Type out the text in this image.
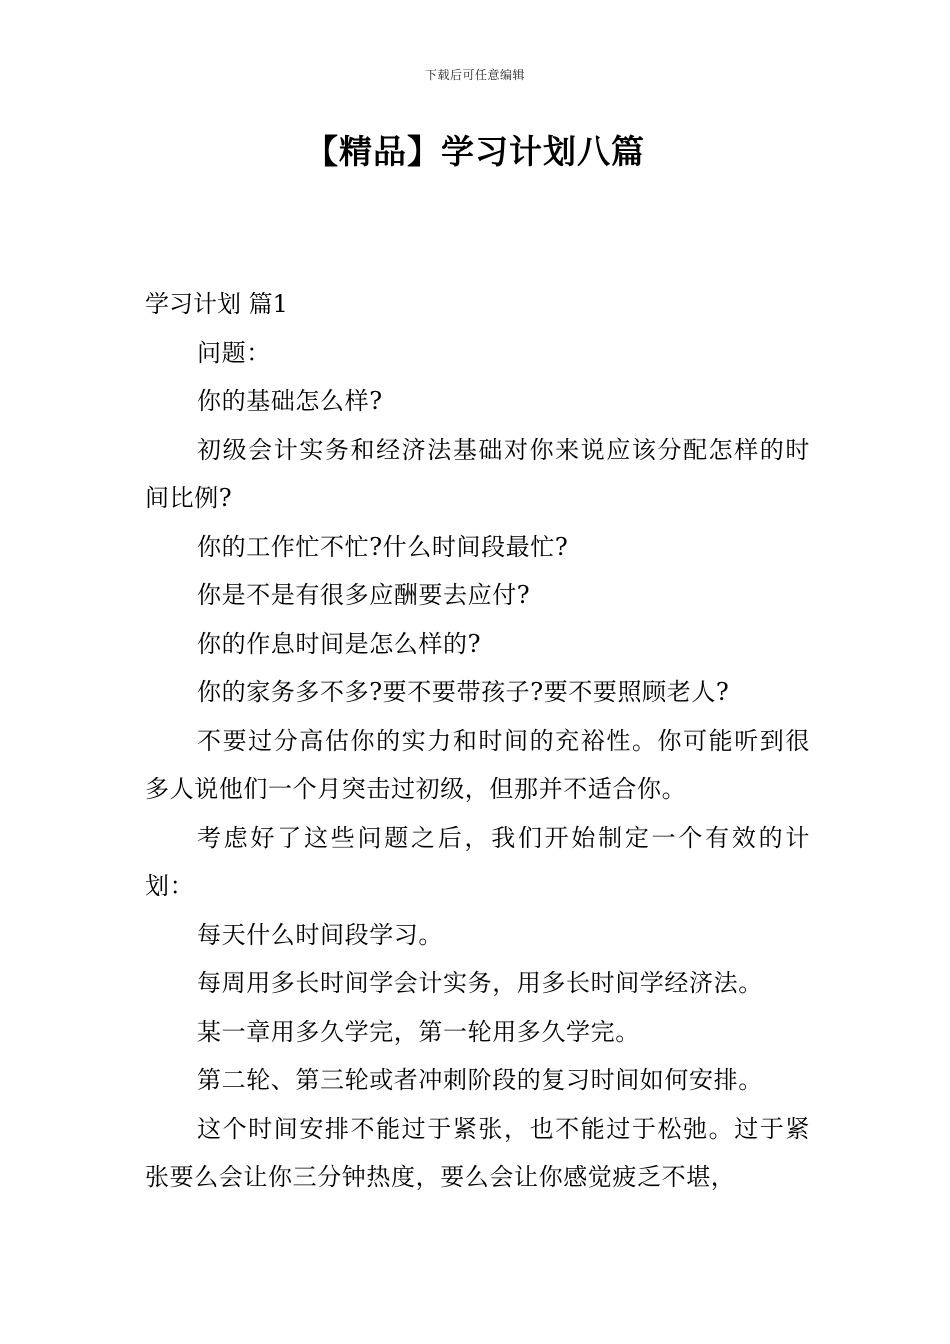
下载后可任意编辑
【精品】学习计划八篇

学习计划 篇1

问题：

你的基础怎么样?

初级会计实务和经济法基础对你来说应该分配怎样的时间比例?

你的工作忙不忙?什么时间段最忙?

你是不是有很多应酬要去应付?

你的作息时间是怎么样的?

你的家务多不多?要不要带孩子?要不要照顾老人?

不要过分高估你的实力和时间的充裕性。你可能听到很多人说他们一个月突击过初级，但那并不适合你。

考虑好了这些问题之后，我们开始制定一个有效的计划：

每天什么时间段学习。

每周用多长时间学会计实务，用多长时间学经济法。

某一章用多久学完，第一轮用多久学完。

第二轮、第三轮或者冲刺阶段的复习时间如何安排。

这个时间安排不能过于紧张，也不能过于松弛。过于紧张要么会让你三分钟热度，要么会让你感觉疲乏不堪，
